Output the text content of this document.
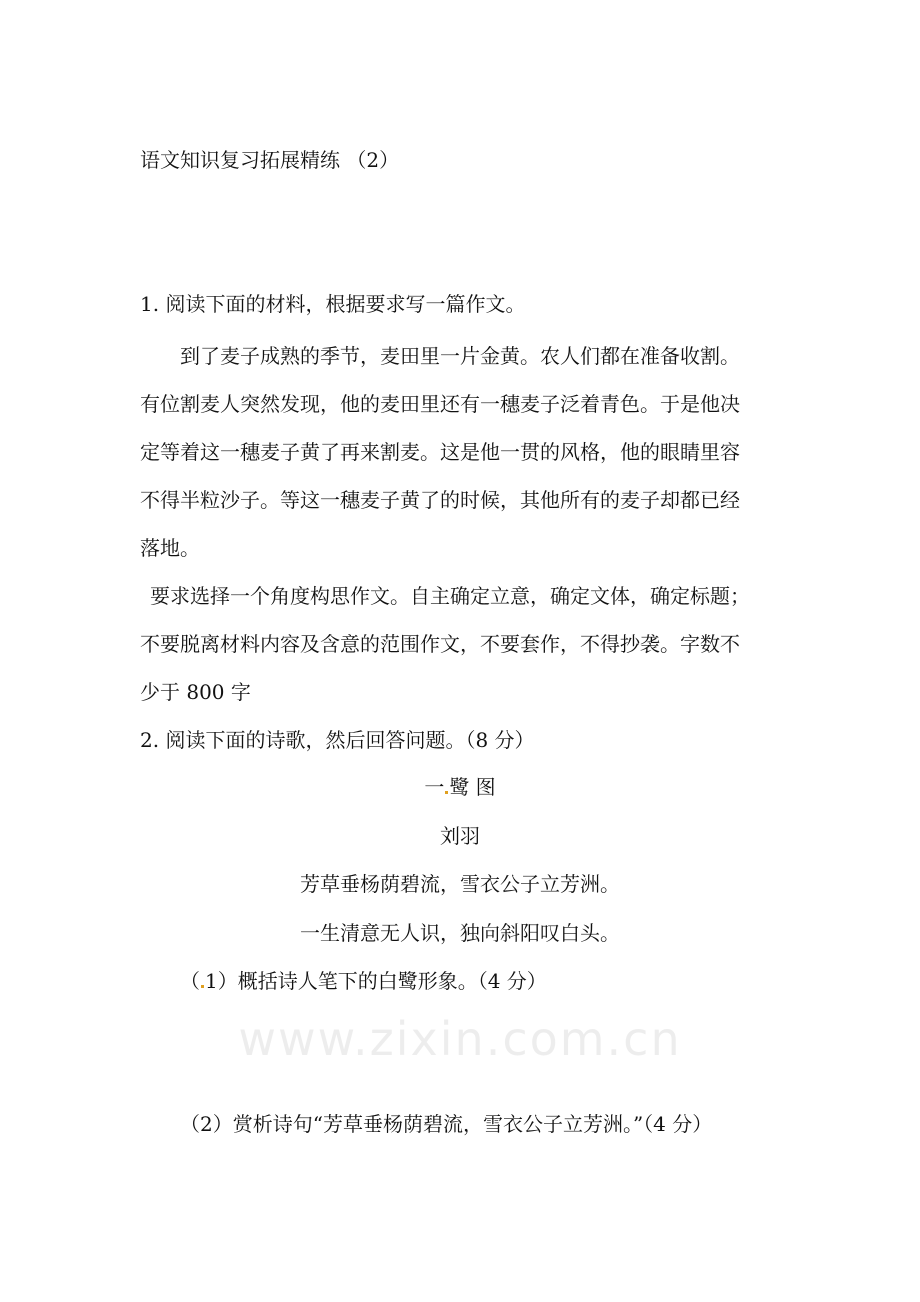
语文知识复习拓展精练 （2）
1. 阅读下面的材料，根据要求写一篇作文。
到了麦子成熟的季节，麦田里一片金黄。农人们都在准备收割。
有位割麦人突然发现，他的麦田里还有一穗麦子泛着青色。于是他决
定等着这一穗麦子黄了再来割麦。这是他一贯的风格，他的眼睛里容
不得半粒沙子。等这一穗麦子黄了的时候，其他所有的麦子却都已经
落地。
要求选择一个角度构思作文。自主确定立意，确定文体，确定标题；
不要脱离材料内容及含意的范围作文，不要套作，不得抄袭。字数不
少于 800 字
2. 阅读下面的诗歌，然后回答问题。（8 分）
一 鹭 图
刘羽
芳草垂杨荫碧流，雪衣公子立芳洲。
一生清意无人识，独向斜阳叹白头。
（ 1）概括诗人笔下的白鹭形象。（4 分）
www.zixin.com.cn
（2）赏析诗句“芳草垂杨荫碧流，雪衣公子立芳洲。”（4 分）
